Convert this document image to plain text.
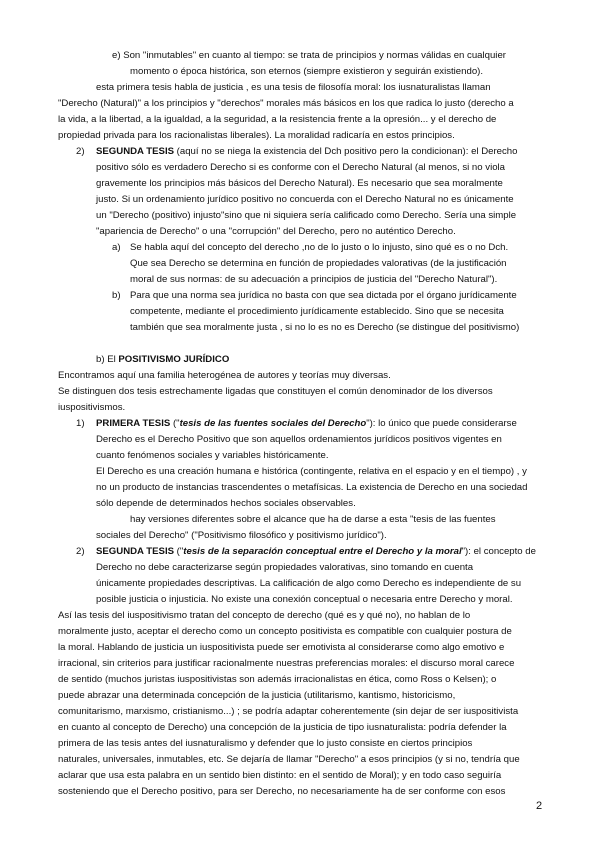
e) Son "inmutables" en cuanto al tiempo: se trata de principios y normas válidas en cualquier
momento o época histórica, son eternos (siempre existieron y seguirán existiendo).
esta primera tesis habla de justicia , es una tesis de filosofía moral: los iusnaturalistas llaman
"Derecho (Natural)" a los principios y "derechos" morales más básicos en los que radica lo justo (derecho a
la vida, a la libertad, a la igualdad, a la seguridad, a la resistencia frente a la opresión... y el derecho de
propiedad privada para los racionalistas liberales). La moralidad radicaría en estos principios.
2) SEGUNDA TESIS (aquí no se niega la existencia del Dch positivo pero la condicionan): el Derecho
positivo sólo es verdadero Derecho si es conforme con el Derecho Natural (al menos, si no viola
gravemente los principios más básicos del Derecho Natural). Es necesario que sea moralmente
justo. Si un ordenamiento jurídico positivo no concuerda con el Derecho Natural no es únicamente
un "Derecho (positivo) injusto"sino que ni siquiera sería calificado como Derecho. Sería una simple
"apariencia de Derecho" o una "corrupción" del Derecho, pero no auténtico Derecho.
a) Se habla aquí del concepto del derecho ,no de lo justo o lo injusto, sino qué es o no Dch.
Que sea Derecho se determina en función de propiedades valorativas (de la justificación
moral de sus normas: de su adecuación a principios de justicia del "Derecho Natural").
b) Para que una norma sea jurídica no basta con que sea dictada por el órgano jurídicamente
competente, mediante el procedimiento jurídicamente establecido. Sino que se necesita
también que sea moralmente justa , si no lo es no es Derecho (se distingue del positivismo)
b) El POSITIVISMO JURÍDICO
Encontramos aquí una familia heterogénea de autores y teorías muy diversas.
Se distinguen dos tesis estrechamente ligadas que constituyen el común denominador de los diversos
iuspositivismos.
1) PRIMERA TESIS ("tesis de las fuentes sociales del Derecho"): lo único que puede considerarse
Derecho es el Derecho Positivo que son aquellos ordenamientos jurídicos positivos vigentes en
cuanto fenómenos sociales y variables históricamente.
El Derecho es una creación humana e histórica (contingente, relativa en el espacio y en el tiempo) , y
no un producto de instancias trascendentes o metafísicas. La existencia de Derecho en una sociedad
sólo depende de determinados hechos sociales observables.
hay versiones diferentes sobre el alcance que ha de darse a esta "tesis de las fuentes
sociales del Derecho" ("Positivismo filosófico y positivismo jurídico").
2) SEGUNDA TESIS ("tesis de la separación conceptual entre el Derecho y la moral"): el concepto de
Derecho no debe caracterizarse según propiedades valorativas, sino tomando en cuenta
únicamente propiedades descriptivas. La calificación de algo como Derecho es independiente de su
posible justicia o injusticia. No existe una conexión conceptual o necesaria entre Derecho y moral.
Así las tesis del iuspositivismo tratan del concepto de derecho (qué es y qué no), no hablan de lo
moralmente justo, aceptar el derecho como un concepto positivista es compatible con cualquier postura de
la moral. Hablando de justicia un iuspositivista puede ser emotivista al considerarse como algo emotivo e
irracional, sin criterios para justificar racionalmente nuestras preferencias morales: el discurso moral carece
de sentido (muchos juristas iuspositivistas son además irracionalistas en ética, como Ross o Kelsen); o
puede abrazar una determinada concepción de la justicia (utilitarismo, kantismo, historicismo,
comunitarismo, marxismo, cristianismo...) ; se podría adaptar coherentemente (sin dejar de ser iuspositivista
en cuanto al concepto de Derecho) una concepción de la justicia de tipo iusnaturalista: podría defender la
primera de las tesis antes del iusnaturalismo y defender que lo justo consiste en ciertos principios
naturales, universales, inmutables, etc. Se dejaría de llamar "Derecho" a esos principios (y si no, tendría que
aclarar que usa esta palabra en un sentido bien distinto: en el sentido de Moral); y en todo caso seguiría
sosteniendo que el Derecho positivo, para ser Derecho, no necesariamente ha de ser conforme con esos
2
